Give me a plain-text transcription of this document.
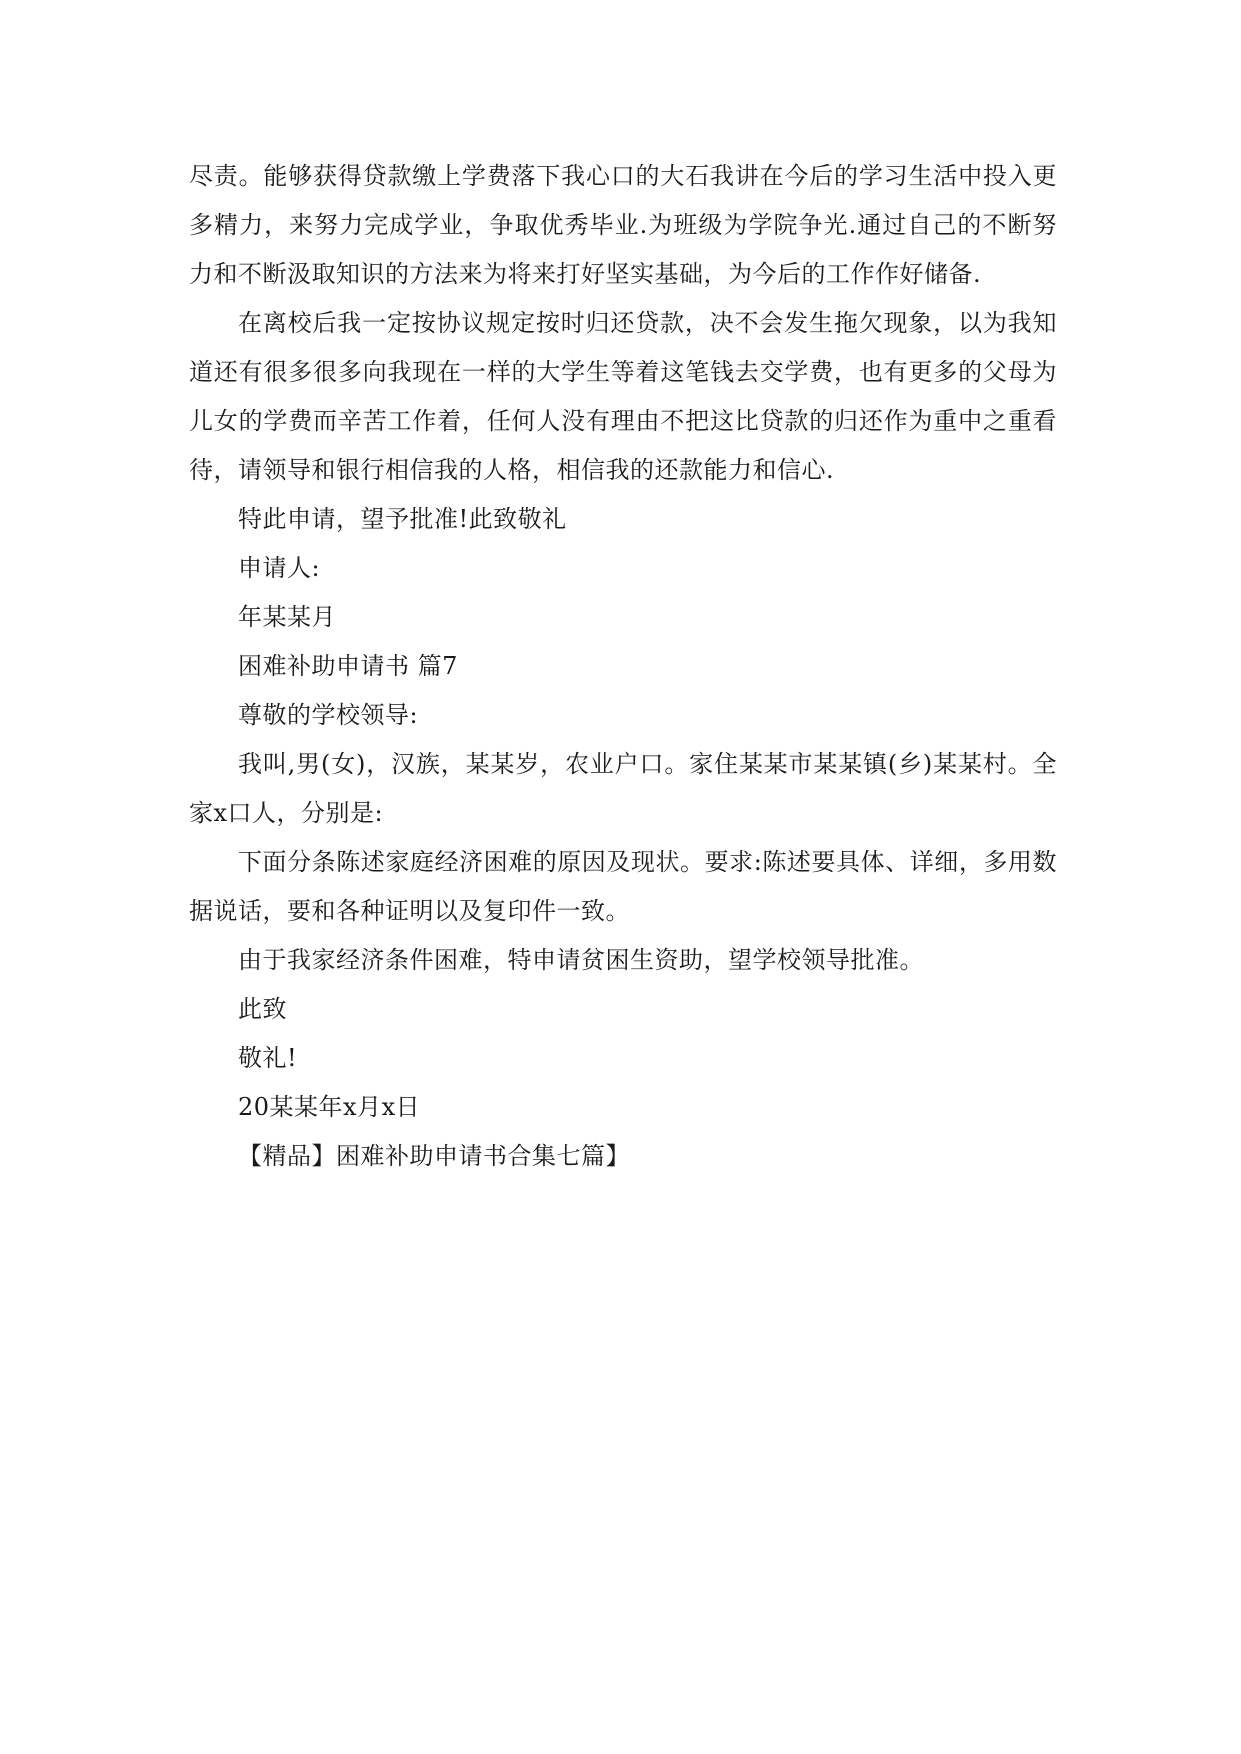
尽责。能够获得贷款缴上学费落下我心口的大石我讲在今后的学习生活中投入更多精力，来努力完成学业，争取优秀毕业.为班级为学院争光.通过自己的不断努力和不断汲取知识的方法来为将来打好坚实基础，为今后的工作作好储备.

在离校后我一定按协议规定按时归还贷款，决不会发生拖欠现象，以为我知道还有很多很多向我现在一样的大学生等着这笔钱去交学费，也有更多的父母为儿女的学费而辛苦工作着，任何人没有理由不把这比贷款的归还作为重中之重看待，请领导和银行相信我的人格，相信我的还款能力和信心.

特此申请，望予批准!此致敬礼

申请人:

年某某月

困难补助申请书 篇7

尊敬的学校领导:

我叫,男(女)，汉族，某某岁，农业户口。家住某某市某某镇(乡)某某村。全家x口人，分别是:

下面分条陈述家庭经济困难的原因及现状。要求:陈述要具体、详细，多用数据说话，要和各种证明以及复印件一致。

由于我家经济条件困难，特申请贫困生资助，望学校领导批准。

此致

敬礼!

20某某年x月x日

【精品】困难补助申请书合集七篇】
